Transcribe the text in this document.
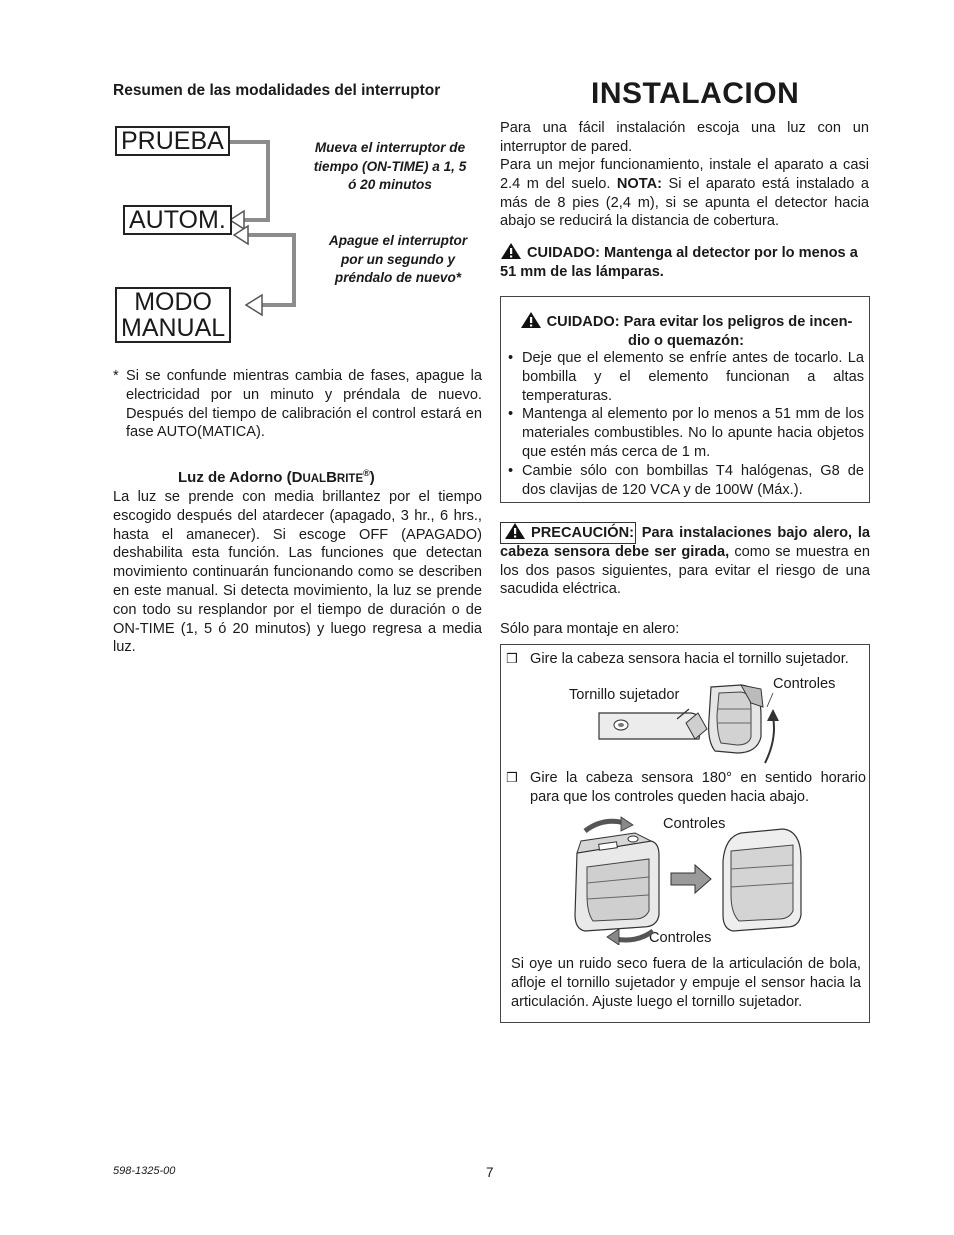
Resumen de las modalidades del interruptor
PRUEBA
AUTOM.
MODO
MANUAL
Mueva el interruptor de
tiempo (ON-TIME) a 1, 5
ó 20 minutos
Apague el interruptor
por un segundo y
préndalo de nuevo*
* Si se confunde mientras cambia de fases, apague la electricidad por un minuto y préndala de nuevo. Después del tiempo de calibración el control estará en fase AUTO(MATICA).
Luz de Adorno (DUALBRITE®)
La luz se prende con media brillantez por el tiempo escogido después del atardecer (apagado, 3 hr., 6 hrs., hasta el amanecer). Si escoge OFF (APAGADO) deshabilita esta función. Las funciones que detectan movimiento continuarán funcionando como se describen en este manual. Si detecta movimiento, la luz se prende con todo su resplandor por el tiempo de duración o de ON-TIME (1, 5 ó 20 minutos) y luego regresa a media luz.
INSTALACION
Para una fácil instalación escoja una luz con un interruptor de pared.
Para un mejor funcionamiento, instale el aparato a casi 2.4 m del suelo. NOTA: Si el aparato está instalado a más de 8 pies (2,4 m), si se apunta el detector hacia abajo se reducirá la distancia de cobertura.
CUIDADO: Mantenga al detector por lo menos a 51 mm de las lámparas.
CUIDADO: Para evitar los peligros de incen-
dio o quemazón:
• Deje que el elemento se enfríe antes de tocarlo. La bombilla y el elemento funcionan a altas temperaturas.
• Mantenga al elemento por lo menos a 51 mm de los materiales combustibles. No lo apunte hacia objetos que estén más cerca de 1 m.
• Cambie sólo con bombillas T4 halógenas, G8 de dos clavijas de 120 VCA y de 100W (Máx.).
PRECAUCIÓN: Para instalaciones bajo alero, la cabeza sensora debe ser girada, como se muestra en los dos pasos siguientes, para evitar el riesgo de una sacudida eléctrica.
Sólo para montaje en alero:
❒ Gire la cabeza sensora hacia el tornillo sujetador.
Tornillo sujetador
Controles
❒ Gire la cabeza sensora 180° en sentido horario para que los controles queden hacia abajo.
Controles
Controles
Si oye un ruido seco fuera de la articulación de bola, afloje el tornillo sujetador y empuje el sensor hacia la articulación. Ajuste luego el tornillo sujetador.
598-1325-00	7
